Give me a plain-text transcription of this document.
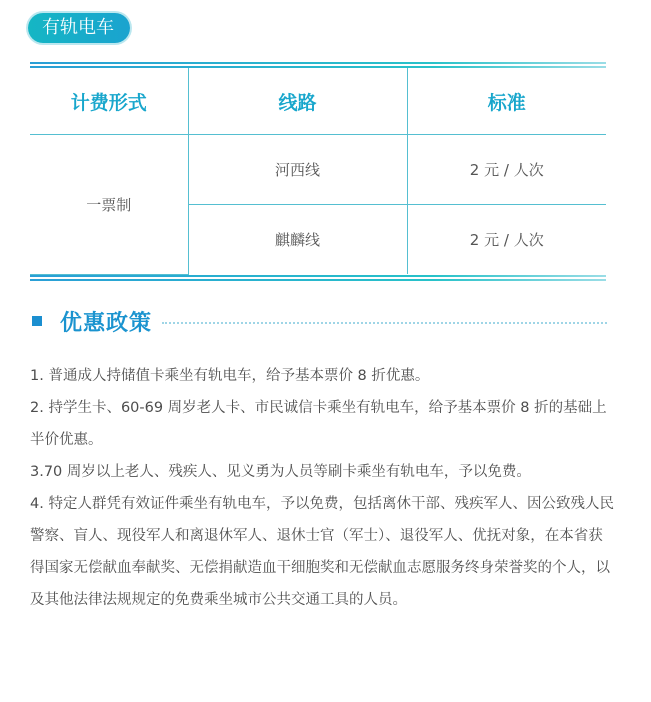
有轨电车
计费形式	线路	标准
一票制	河西线	2 元 / 人次
	麒麟线	2 元 / 人次
优惠政策

1. 普通成人持储值卡乘坐有轨电车，给予基本票价 8 折优惠。

2. 持学生卡、60-69 周岁老人卡、市民诚信卡乘坐有轨电车，给予基本票价 8 折的基础上半价优惠。

3.70 周岁以上老人、残疾人、见义勇为人员等刷卡乘坐有轨电车，予以免费。

4. 特定人群凭有效证件乘坐有轨电车，予以免费，包括离休干部、残疾军人、因公致残人民警察、盲人、现役军人和离退休军人、退休士官（军士）、退役军人、优抚对象，在本省获得国家无偿献血奉献奖、无偿捐献造血干细胞奖和无偿献血志愿服务终身荣誉奖的个人，以及其他法律法规规定的免费乘坐城市公共交通工具的人员。
